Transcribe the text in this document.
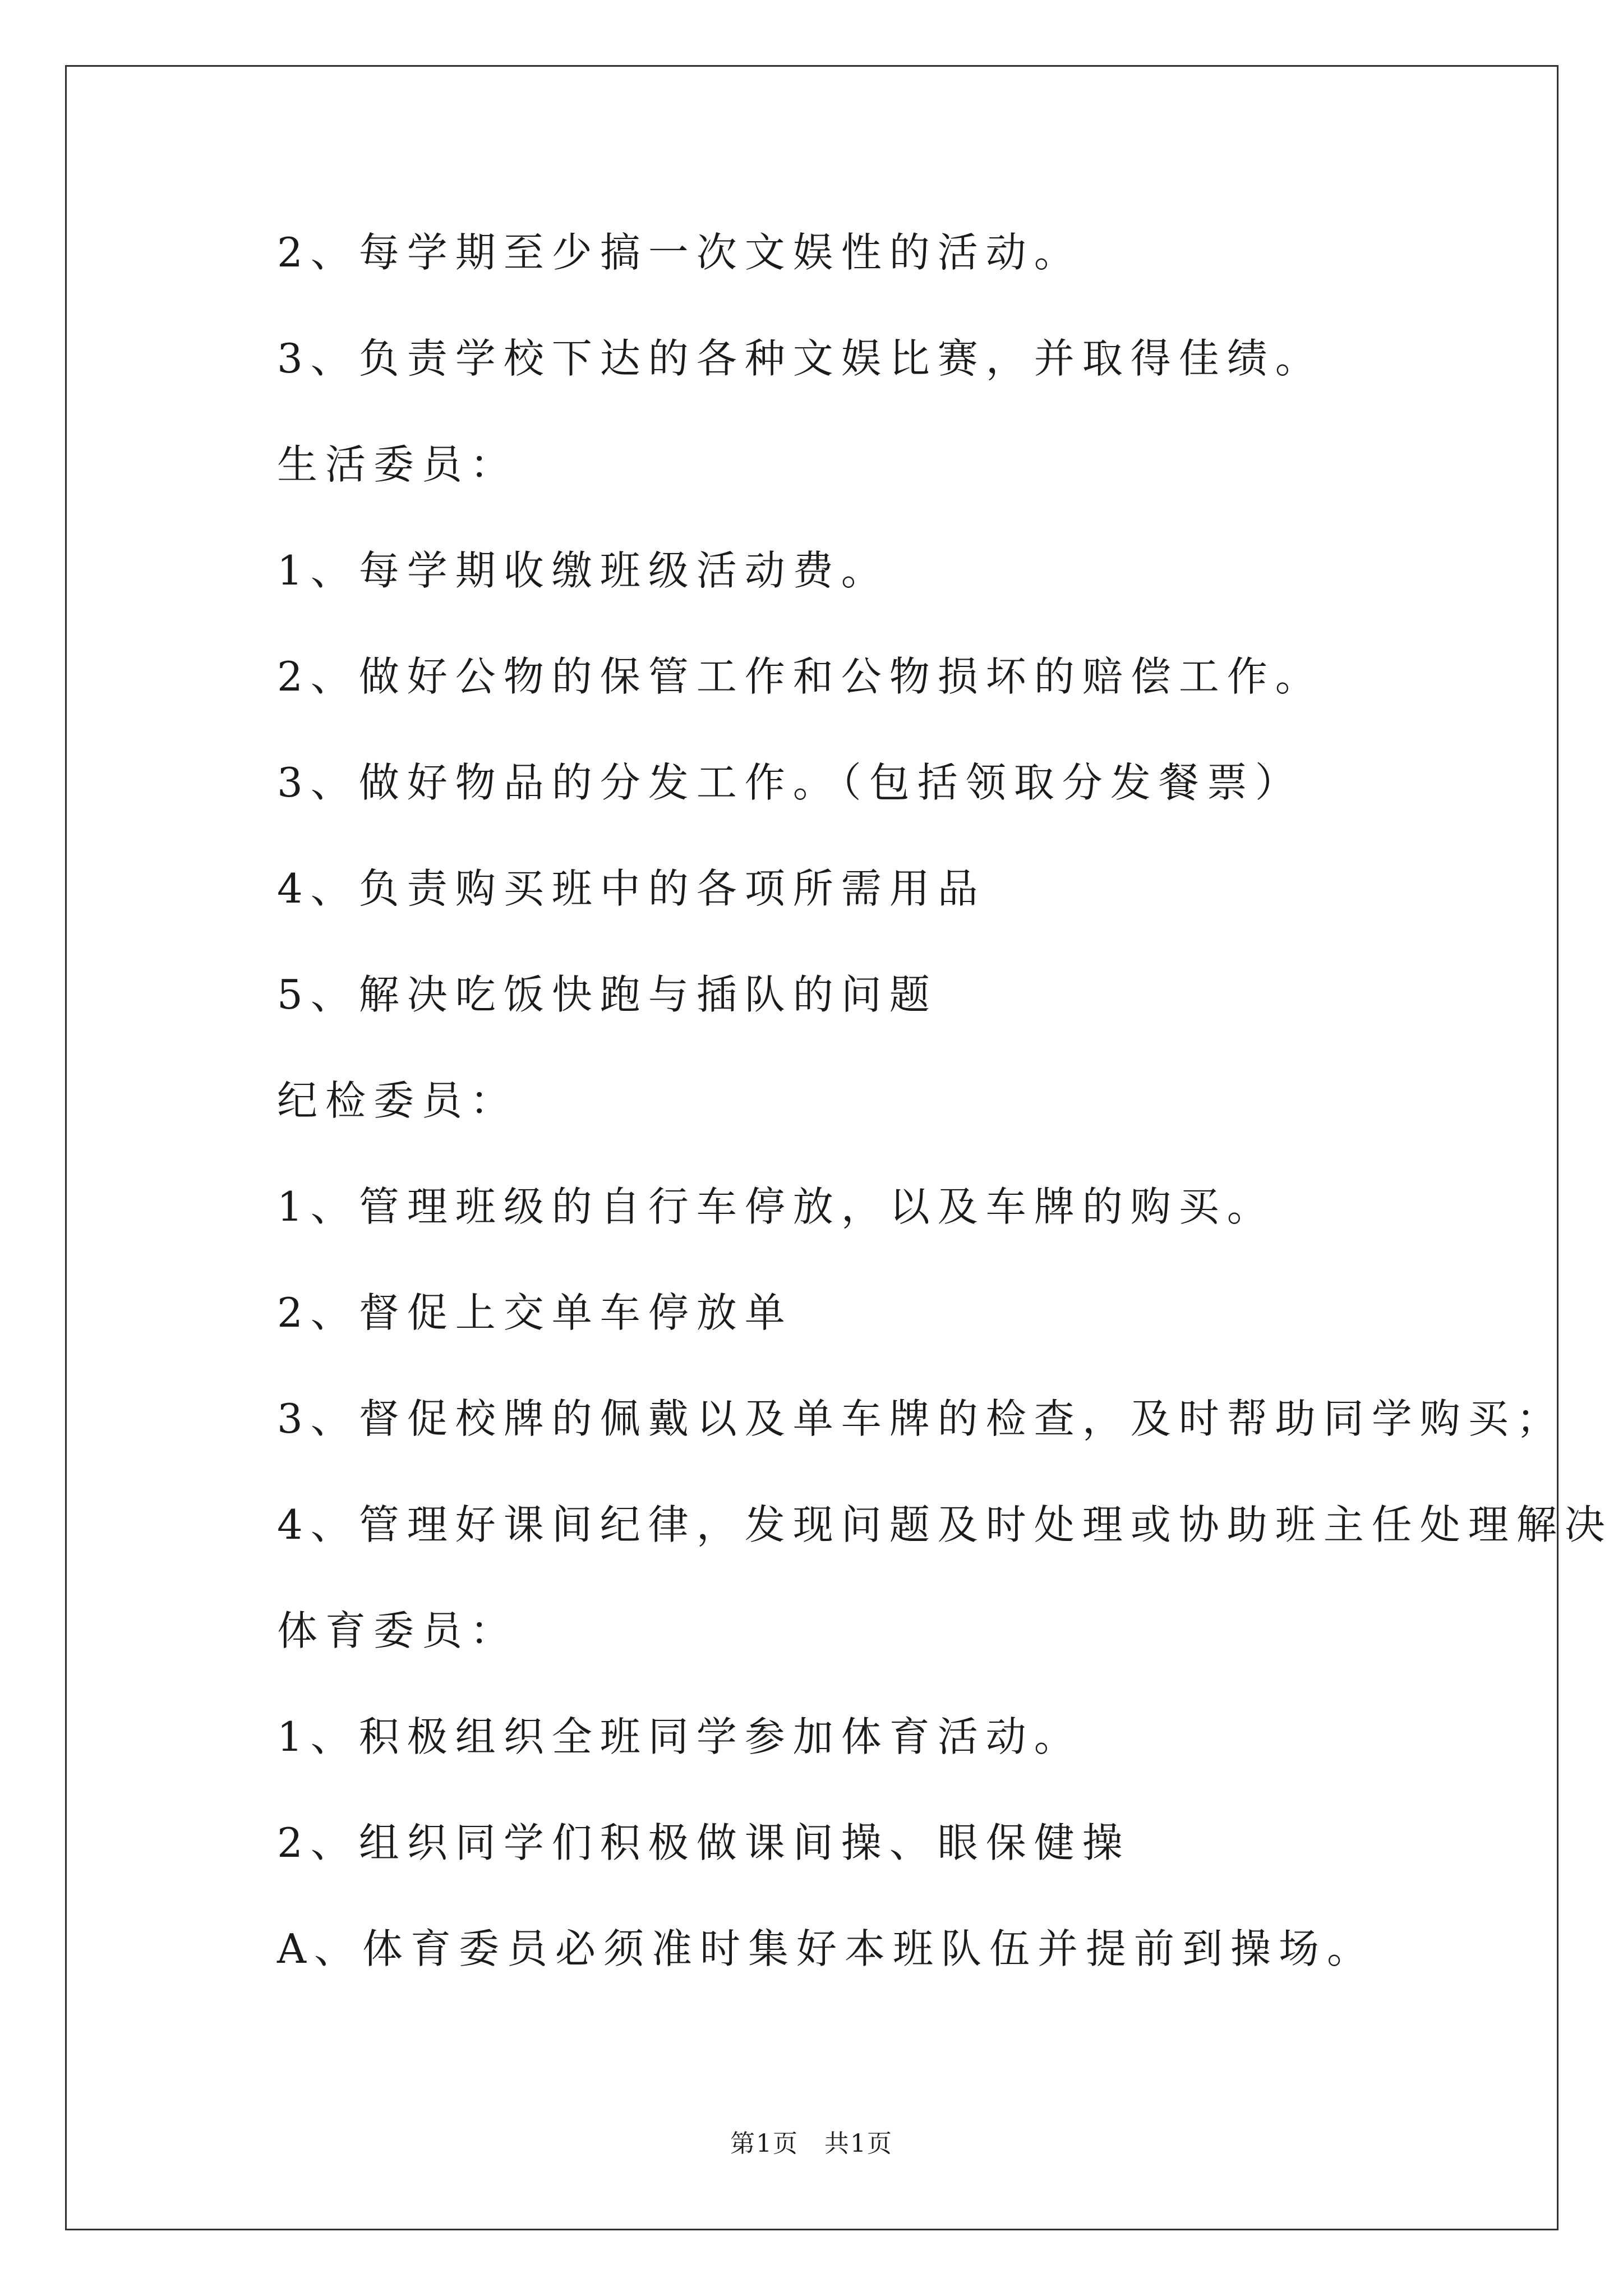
2、每学期至少搞一次文娱性的活动。
3、负责学校下达的各种文娱比赛，并取得佳绩。
生活委员：
1、每学期收缴班级活动费。
2、做好公物的保管工作和公物损坏的赔偿工作。
3、做好物品的分发工作。（包括领取分发餐票）
4、负责购买班中的各项所需用品
5、解决吃饭快跑与插队的问题
纪检委员：
1、管理班级的自行车停放，以及车牌的购买。
2、督促上交单车停放单
3、督促校牌的佩戴以及单车牌的检查，及时帮助同学购买；
4、管理好课间纪律，发现问题及时处理或协助班主任处理解决
体育委员：
1、积极组织全班同学参加体育活动。
2、组织同学们积极做课间操、眼保健操
A、体育委员必须准时集好本班队伍并提前到操场。
第1页 共1页
